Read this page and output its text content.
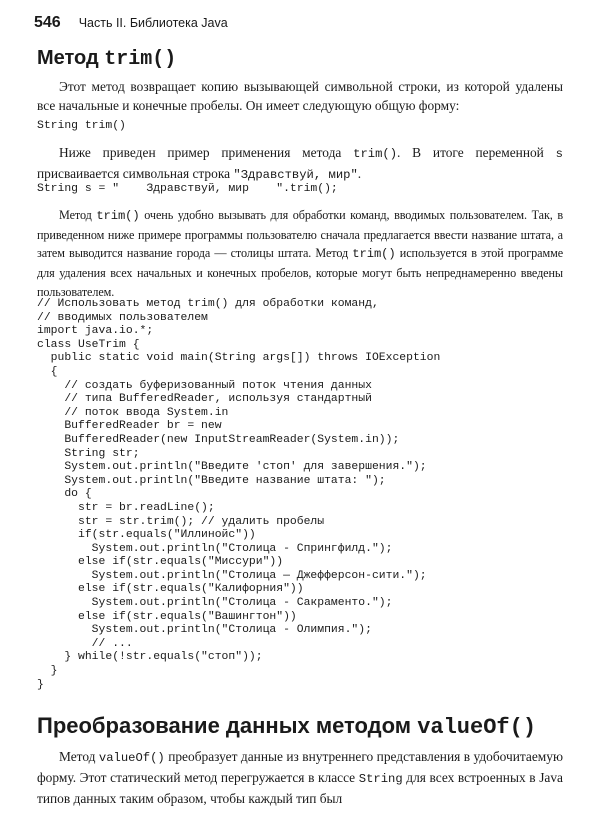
546 Часть II. Библиотека Java
Метод trim()

Этот метод возвращает копию вызывающей символьной строки, из которой удалены все начальные и конечные пробелы. Он имеет следующую общую форму:

String trim()

Ниже приведен пример применения метода trim(). В итоге переменной s присваивается символьная строка "Здравствуй, мир".

String s = "    Здравствуй, мир    ".trim();

Метод trim() очень удобно вызывать для обработки команд, вводимых пользователем. Так, в приведенном ниже примере программы пользователю сначала предлагается ввести название штата, а затем выводится название города — столицы штата. Метод trim() используется в этой программе для удаления всех начальных и конечных пробелов, которые могут быть непреднамеренно введены пользователем.

// Использовать метод trim() для обработки команд,
// вводимых пользователем
import java.io.*;
class UseTrim {
public static void main(String args[]) throws IOException
{
// создать буферизованный поток чтения данных
// типа BufferedReader, используя стандартный
// поток ввода System.in
BufferedReader br = new
BufferedReader(new InputStreamReader(System.in));
String str;
System.out.println("Введите 'стоп' для завершения.");
System.out.println("Введите название штата: ");
do {
str = br.readLine();
str = str.trim(); // удалить пробелы
if(str.equals("Иллинойс"))
System.out.println("Столица - Спрингфилд.");
else if(str.equals("Миссури"))
System.out.println("Столица — Джефферсон-сити.");
else if(str.equals("Калифорния"))
System.out.println("Столица - Сакраменто.");
else if(str.equals("Вашингтон"))
System.out.println("Столица - Олимпия.");
// ...
} while(!str.equals("стоп"));
}
}
Преобразование данных методом valueOf()

Метод valueOf() преобразует данные из внутреннего представления в удобочитаемую форму. Этот статический метод перегружается в классе String для всех встроенных в Java типов данных таким образом, чтобы каждый тип был
